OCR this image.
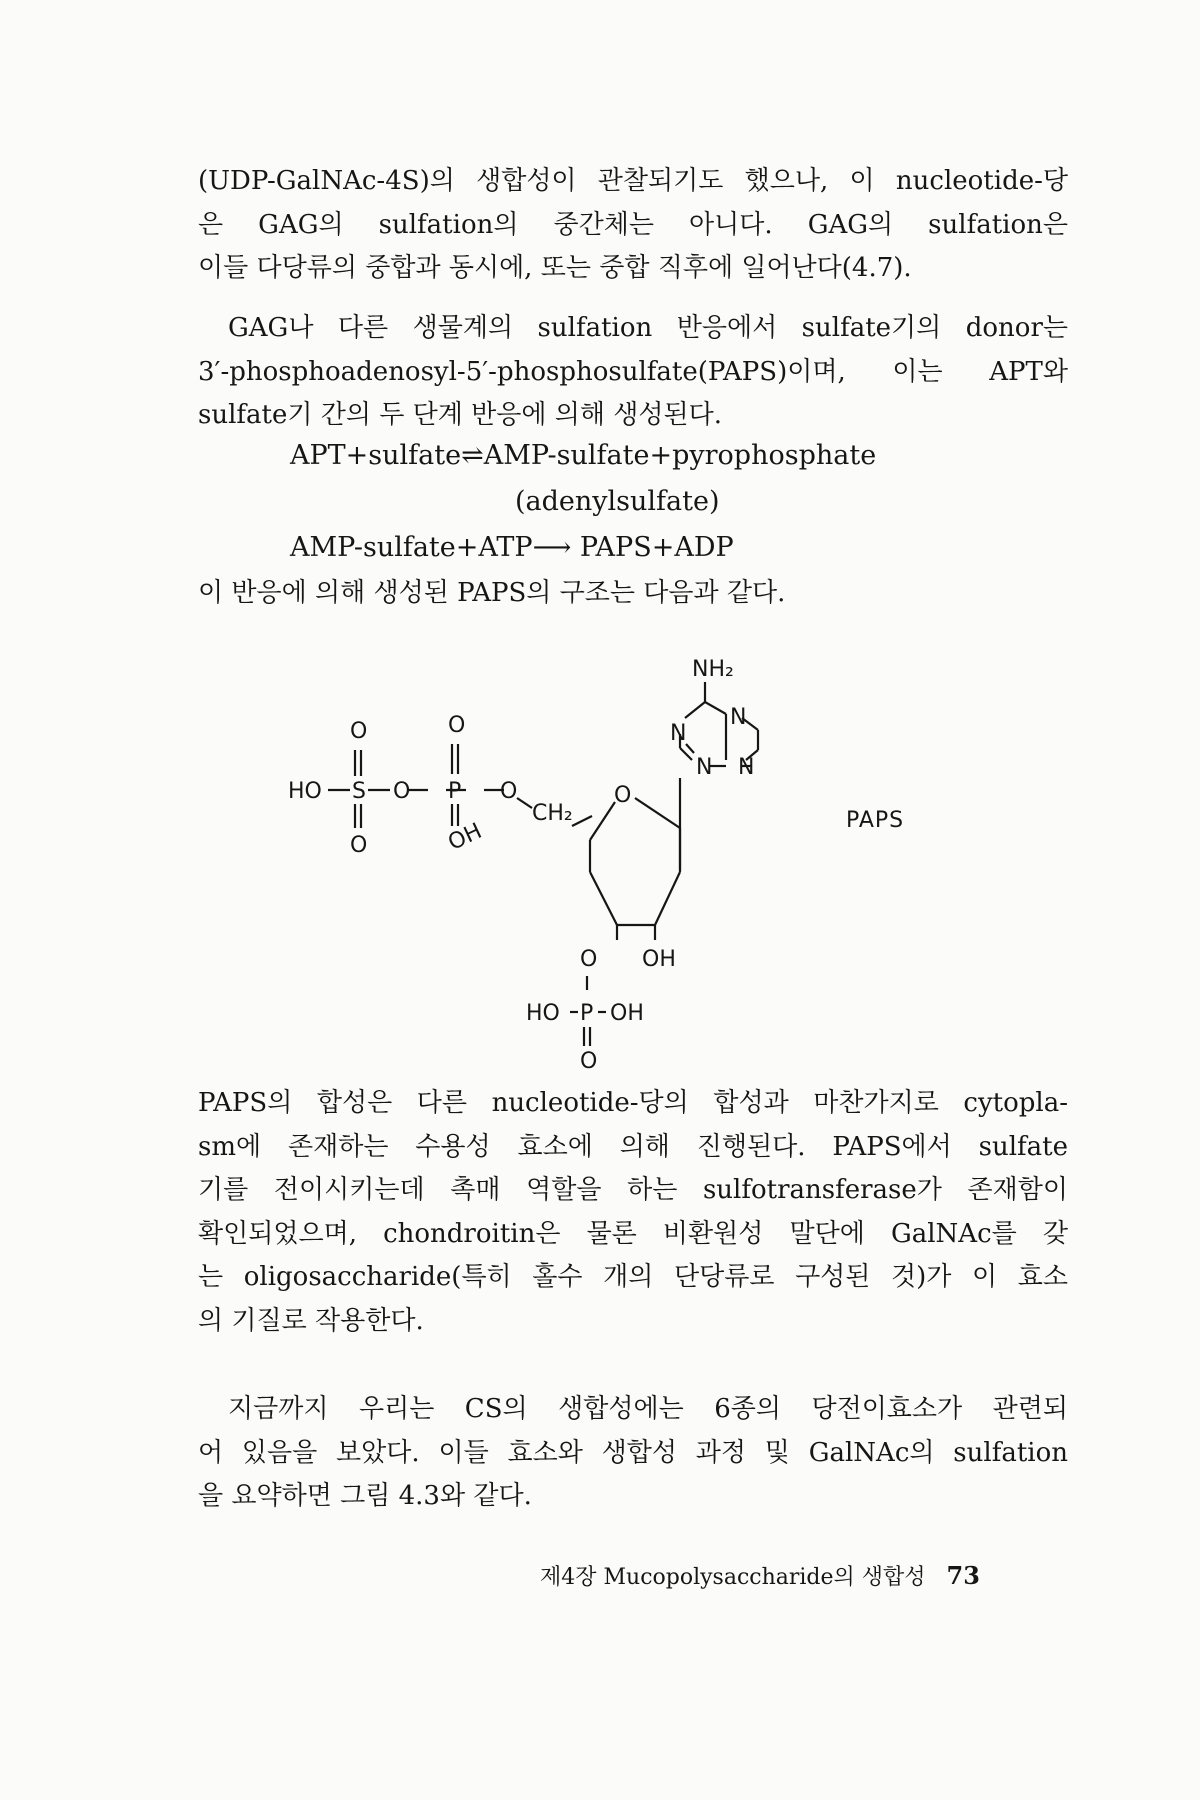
(UDP-GalNAc-4S)의 생합성이 관찰되기도 했으나, 이 nucleotide-당
은 GAG의 sulfation의 중간체는 아니다. GAG의 sulfation은
이들 다당류의 중합과 동시에, 또는 중합 직후에 일어난다(4.7).
GAG나 다른 생물계의 sulfation 반응에서 sulfate기의 donor는
3′-phosphoadenosyl-5′-phosphosulfate(PAPS)이며, 이는 APT와
sulfate기 간의 두 단계 반응에 의해 생성된다.
APT+sulfate⇌AMP-sulfate+pyrophosphate
(adenylsulfate)
AMP-sulfate+ATP⟶ PAPS+ADP
이 반응에 의해 생성된 PAPS의 구조는 다음과 같다.
NH₂
N
N
N N
O
O
O
OH
HO S O P O
CH₂
O
O OH
HO P OH
O
PAPS
PAPS의 합성은 다른 nucleotide-당의 합성과 마찬가지로 cytopla-
sm에 존재하는 수용성 효소에 의해 진행된다. PAPS에서 sulfate
기를 전이시키는데 촉매 역할을 하는 sulfotransferase가 존재함이
확인되었으며, chondroitin은 물론 비환원성 말단에 GalNAc를 갖
는 oligosaccharide(특히 홀수 개의 단당류로 구성된 것)가 이 효소
의 기질로 작용한다.
지금까지 우리는 CS의 생합성에는 6종의 당전이효소가 관련되
어 있음을 보았다. 이들 효소와 생합성 과정 및 GalNAc의 sulfation
을 요약하면 그림 4.3와 같다.
제4장 Mucopolysaccharide의 생합성 73
